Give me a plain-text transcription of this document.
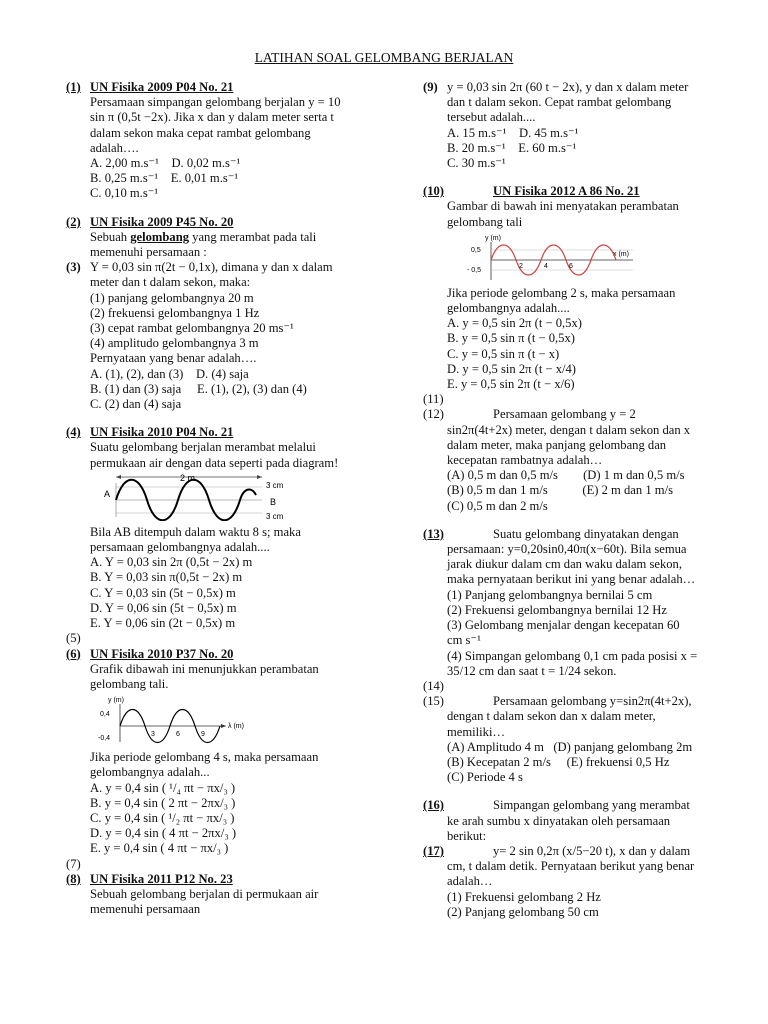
LATIHAN SOAL GELOMBANG BERJALAN
(1) UN Fisika 2009 P04 No. 21
Persamaan simpangan gelombang berjalan y = 10
sin π (0,5t −2x). Jika x dan y dalam meter serta t
dalam sekon maka cepat rambat gelombang
adalah….
A. 2,00 m.s⁻¹    D. 0,02 m.s⁻¹
B. 0,25 m.s⁻¹    E. 0,01 m.s⁻¹
C. 0,10 m.s⁻¹
(2) UN Fisika 2009 P45 No. 20
Sebuah gelombang yang merambat pada tali
memenuhi persamaan :
(3) Y = 0,03 sin π(2t − 0,1x), dimana y dan x dalam
meter dan t dalam sekon, maka:
(1) panjang gelombangnya 20 m
(2) frekuensi gelombangnya 1 Hz
(3) cepat rambat gelombangnya 20 ms⁻¹
(4) amplitudo gelombangnya 3 m
Pernyataan yang benar adalah….
A. (1), (2), dan (3)    D. (4) saja
B. (1) dan (3) saja     E. (1), (2), (3) dan (4)
C. (2) dan (4) saja
(4) UN Fisika 2010 P04 No. 21
Suatu gelombang berjalan merambat melalui
permukaan air dengan data seperti pada diagram!
2 m
A
B
3 cm
3 cm
Bila AB ditempuh dalam waktu 8 s; maka
persamaan gelombangnya adalah....
A. Y = 0,03 sin 2π (0,5t − 2x) m
B. Y = 0,03 sin π(0,5t − 2x) m
C. Y = 0,03 sin (5t − 0,5x) m
D. Y = 0,06 sin (5t − 0,5x) m
E. Y = 0,06 sin (2t − 0,5x) m
(5)
(6) UN Fisika 2010 P37 No. 20
Grafik dibawah ini menunjukkan perambatan
gelombang tali.
y (m)
λ (m)
0,4
-0,4
3	6	9
Jika periode gelombang 4 s, maka persamaan
gelombangnya adalah...
A. y = 0,4 sin ( ¹/₄ πt − πx/₃ )
B. y = 0,4 sin ( 2 πt − 2πx/₃ )
C. y = 0,4 sin ( ¹/₂ πt − πx/₃ )
D. y = 0,4 sin ( 4 πt − 2πx/₃ )
E. y = 0,4 sin ( 4 πt − πx/₃ )
(7)
(8) UN Fisika 2011 P12 No. 23
Sebuah gelombang berjalan di permukaan air
memenuhi persamaan
(9) y = 0,03 sin 2π (60 t − 2x), y dan x dalam meter
dan t dalam sekon. Cepat rambat gelombang
tersebut adalah....
A. 15 m.s⁻¹    D. 45 m.s⁻¹
B. 20 m.s⁻¹    E. 60 m.s⁻¹
C. 30 m.s⁻¹
(10)	UN Fisika 2012 A 86 No. 21
Gambar di bawah ini menyatakan perambatan
gelombang tali
y (m)
x (m)
0,5
- 0,5
2	4	6
Jika periode gelombang 2 s, maka persamaan
gelombangnya adalah....
A. y = 0,5 sin 2π (t − 0,5x)
B. y = 0,5 sin π (t − 0,5x)
C. y = 0,5 sin π (t − x)
D. y = 0,5 sin 2π (t − x/4)
E. y = 0,5 sin 2π (t − x/6)
(11)
(12)	Persamaan gelombang y = 2
sin2π(4t+2x) meter, dengan t dalam sekon dan x
dalam meter, maka panjang gelombang dan
kecepatan rambatnya adalah…
(A) 0,5 m dan 0,5 m/s        (D) 1 m dan 0,5 m/s
(B) 0,5 m dan 1 m/s           (E) 2 m dan 1 m/s
(C) 0,5 m dan 2 m/s
(13)	Suatu gelombang dinyatakan dengan
persamaan: y=0,20sin0,40π(x−60t). Bila semua
jarak diukur dalam cm dan waku dalam sekon,
maka pernyataan berikut ini yang benar adalah…
(1) Panjang gelombangnya bernilai 5 cm
(2) Frekuensi gelombangnya bernilai 12 Hz
(3) Gelombang menjalar dengan kecepatan 60
cm s⁻¹
(4) Simpangan gelombang 0,1 cm pada posisi x =
35/12 cm dan saat t = 1/24 sekon.
(14)
(15)	Persamaan gelombang y=sin2π(4t+2x),
dengan t dalam sekon dan x dalam meter,
memiliki…
(A) Amplitudo 4 m   (D) panjang gelombang 2m
(B) Kecepatan 2 m/s     (E) frekuensi 0,5 Hz
(C) Periode 4 s
(16)	Simpangan gelombang yang merambat
ke arah sumbu x dinyatakan oleh persamaan
berikut:
(17)	y= 2 sin 0,2π (x/5−20 t), x dan y dalam
cm, t dalam detik. Pernyataan berikut yang benar
adalah…
(1) Frekuensi gelombang 2 Hz
(2) Panjang gelombang 50 cm
